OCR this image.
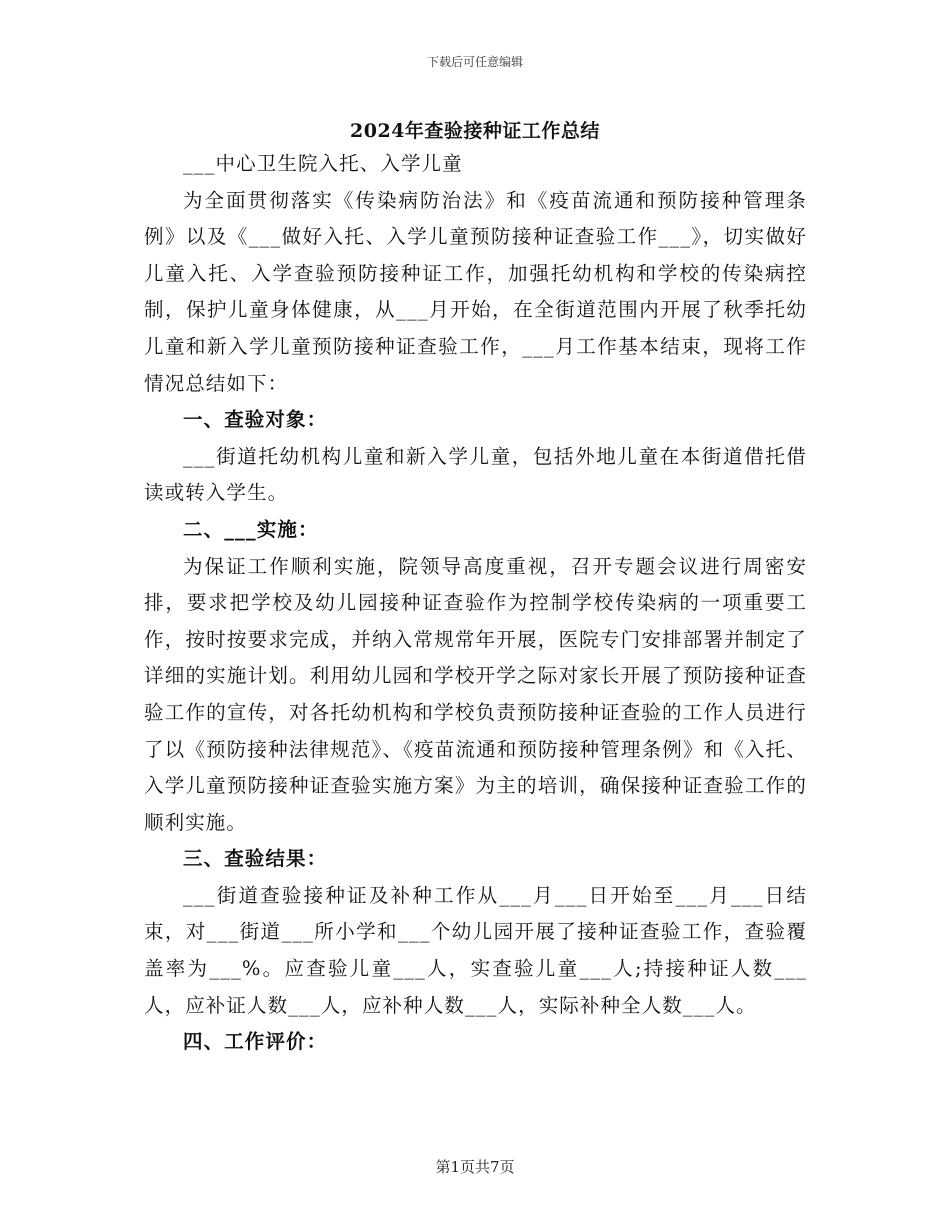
下载后可任意编辑
2024年查验接种证工作总结

___中心卫生院入托、入学儿童

为全面贯彻落实《传染病防治法》和《疫苗流通和预防接种管理条例》以及《___做好入托、入学儿童预防接种证查验工作___》，切实做好儿童入托、入学查验预防接种证工作，加强托幼机构和学校的传染病控制，保护儿童身体健康，从___月开始，在全街道范围内开展了秋季托幼儿童和新入学儿童预防接种证查验工作，___月工作基本结束，现将工作情况总结如下：

一、查验对象：

___街道托幼机构儿童和新入学儿童，包括外地儿童在本街道借托借读或转入学生。

二、___实施：

为保证工作顺利实施，院领导高度重视，召开专题会议进行周密安排，要求把学校及幼儿园接种证查验作为控制学校传染病的一项重要工作，按时按要求完成，并纳入常规常年开展，医院专门安排部署并制定了详细的实施计划。利用幼儿园和学校开学之际对家长开展了预防接种证查验工作的宣传，对各托幼机构和学校负责预防接种证查验的工作人员进行了以《预防接种法律规范》、《疫苗流通和预防接种管理条例》和《入托、入学儿童预防接种证查验实施方案》为主的培训，确保接种证查验工作的顺利实施。

三、查验结果：

___街道查验接种证及补种工作从___月___日开始至___月___日结束，对___街道___所小学和___个幼儿园开展了接种证查验工作，查验覆盖率为___%。应查验儿童___人，实查验儿童___人;持接种证人数___人，应补证人数___人，应补种人数___人，实际补种全人数___人。

四、工作评价：
第1页共7页
